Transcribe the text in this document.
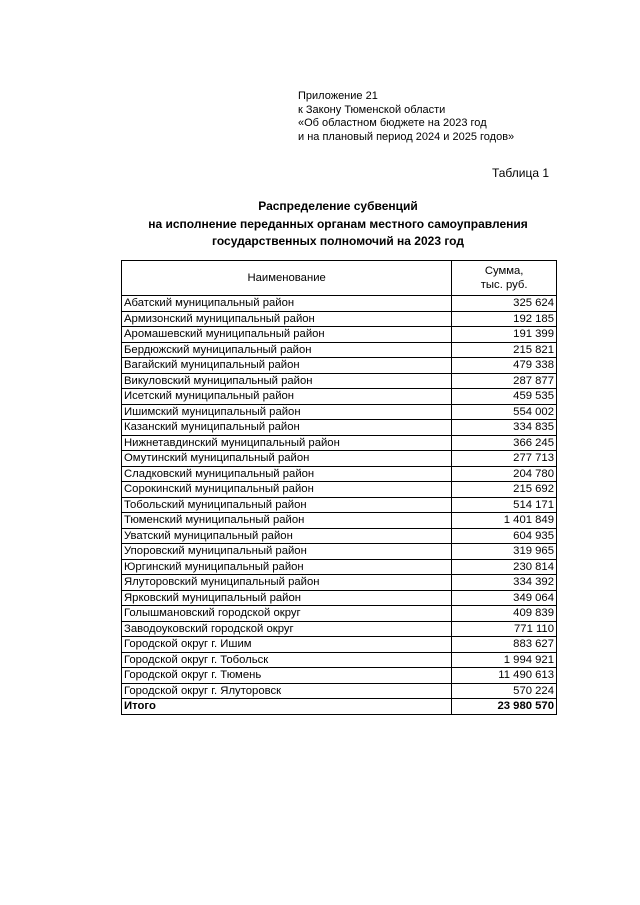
Приложение 21
к Закону Тюменской области
«Об областном бюджете на 2023 год
и на плановый период 2024 и 2025 годов»
Таблица 1
Распределение субвенций
на исполнение переданных органам местного самоуправления
государственных полномочий на 2023 год
Наименование	Сумма,
тыс. руб.

Абатский муниципальный район	325 624
Армизонский муниципальный район	192 185
Аромашевский муниципальный район	191 399
Бердюжский муниципальный район	215 821
Вагайский муниципальный район	479 338
Викуловский муниципальный район	287 877
Исетский муниципальный район	459 535
Ишимский муниципальный район	554 002
Казанский муниципальный район	334 835
Нижнетавдинский муниципальный район	366 245
Омутинский муниципальный район	277 713
Сладковский муниципальный район	204 780
Сорокинский муниципальный район	215 692
Тобольский муниципальный район	514 171
Тюменский муниципальный район	1 401 849
Уватский муниципальный район	604 935
Упоровский муниципальный район	319 965
Юргинский муниципальный район	230 814
Ялуторовский муниципальный район	334 392
Ярковский муниципальный район	349 064
Голышмановский городской округ	409 839
Заводоуковский городской округ	771 110
Городской округ г. Ишим	883 627
Городской округ г. Тобольск	1 994 921
Городской округ г. Тюмень	11 490 613
Городской округ г. Ялуторовск	570 224
Итого	23 980 570
